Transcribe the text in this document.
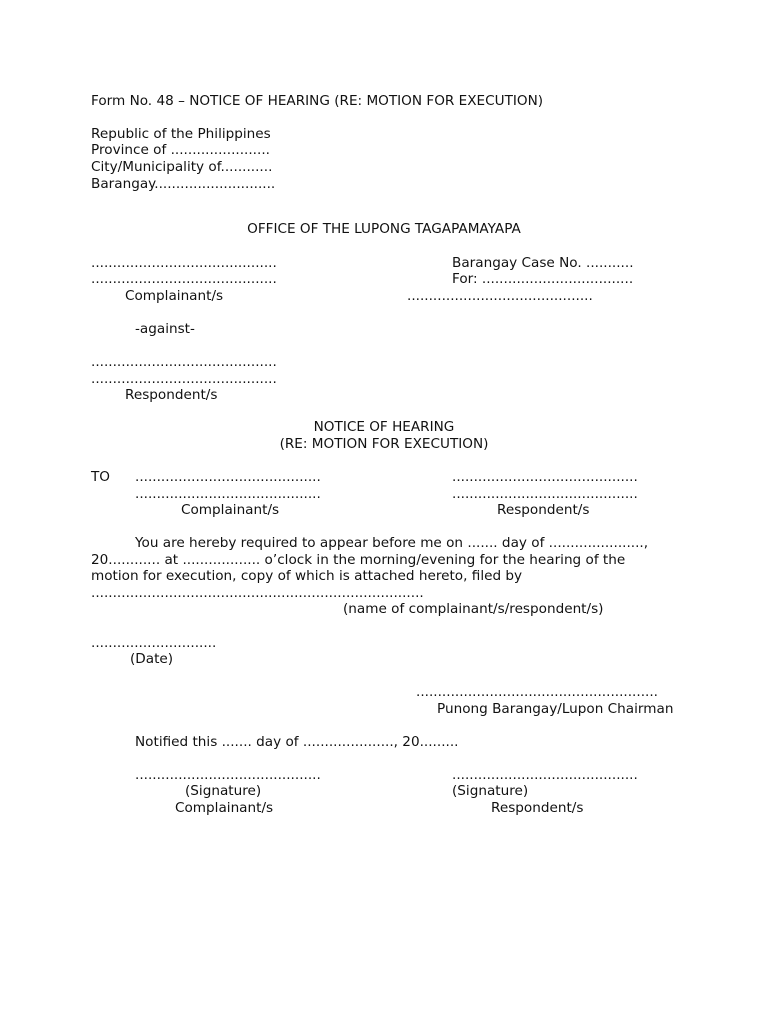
Form No. 48 – NOTICE OF HEARING (RE: MOTION FOR EXECUTION)
Republic of the Philippines
Province of .......................
City/Municipality of............
Barangay............................
OFFICE OF THE LUPONG TAGAPAMAYAPA
...........................................
...........................................
Complainant/s
Barangay Case No. ...........
For: ...................................
...........................................
-against-
...........................................
...........................................
Respondent/s
NOTICE OF HEARING
(RE: MOTION FOR EXECUTION)
TO ...........................................
...........................................
Complainant/s
...........................................
...........................................
Respondent/s
You are hereby required to appear before me on ....... day of ......................,
20............ at .................. o’clock in the morning/evening for the hearing of the
motion for execution, copy of which is attached hereto, filed by
.............................................................................
(name of complainant/s/respondent/s)
.............................
(Date)
........................................................
Punong Barangay/Lupon Chairman
Notified this ....... day of ....................., 20.........
...........................................
(Signature)
Complainant/s
...........................................
(Signature)
Respondent/s
